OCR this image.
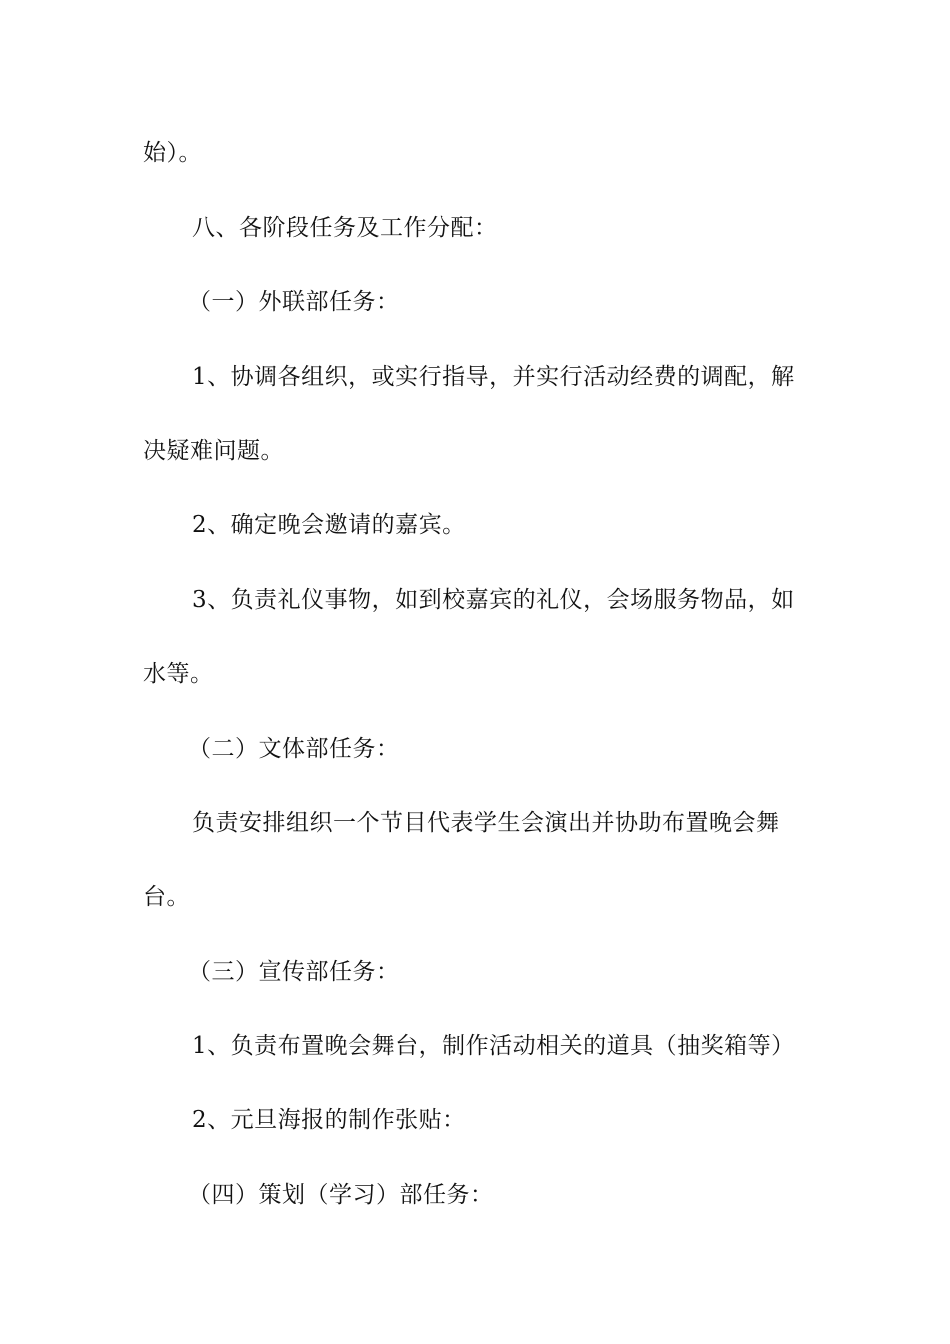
始）。
八、各阶段任务及工作分配：
（一）外联部任务：
1、协调各组织，或实行指导，并实行活动经费的调配，解
决疑难问题。
2、确定晚会邀请的嘉宾。
3、负责礼仪事物，如到校嘉宾的礼仪，会场服务物品，如
水等。
（二）文体部任务：
负责安排组织一个节目代表学生会演出并协助布置晚会舞
台。
（三）宣传部任务：
1、负责布置晚会舞台，制作活动相关的道具（抽奖箱等）
2、元旦海报的制作张贴：
（四）策划（学习）部任务：
